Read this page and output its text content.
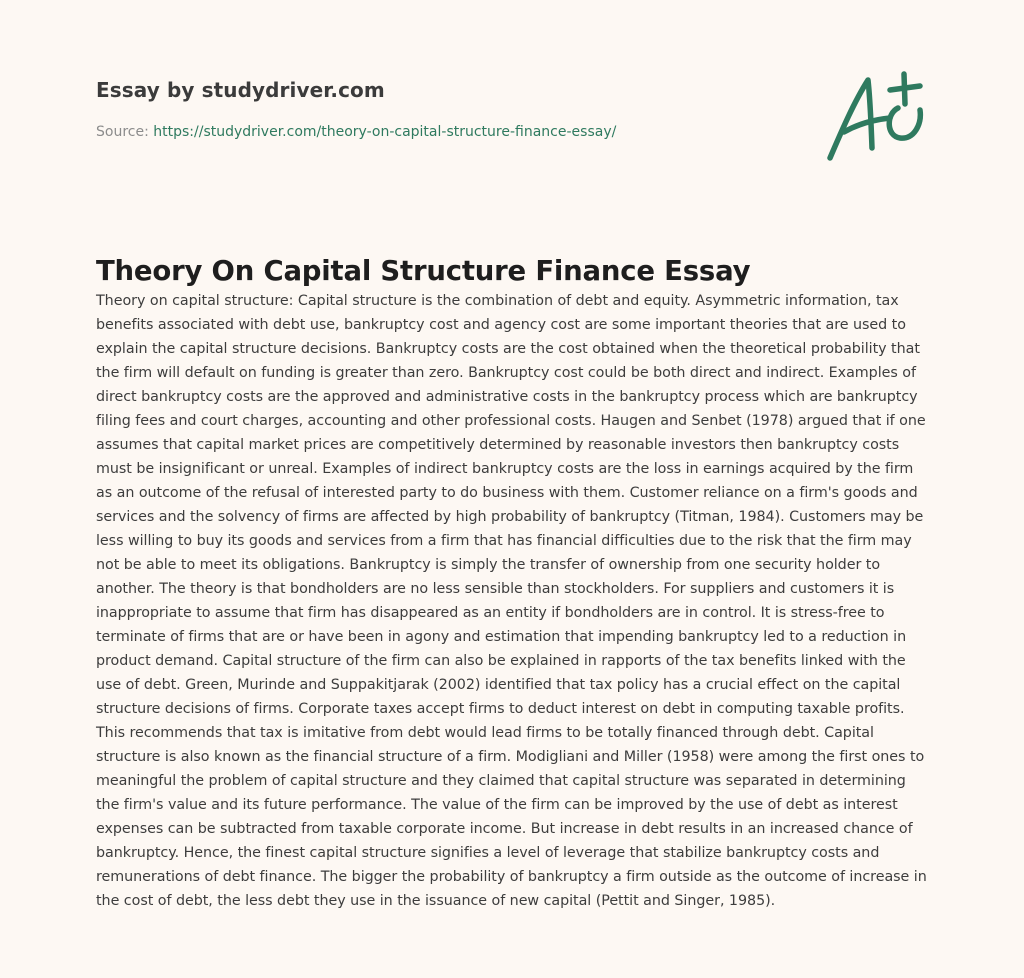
Essay by studydriver.com
Source: https://studydriver.com/theory-on-capital-structure-finance-essay/
Theory On Capital Structure Finance Essay

Theory on capital structure: Capital structure is the combination of debt and equity. Asymmetric information, tax benefits associated with debt use, bankruptcy cost and agency cost are some important theories that are used to explain the capital structure decisions. Bankruptcy costs are the cost obtained when the theoretical probability that the firm will default on funding is greater than zero. Bankruptcy cost could be both direct and indirect. Examples of direct bankruptcy costs are the approved and administrative costs in the bankruptcy process which are bankruptcy filing fees and court charges, accounting and other professional costs. Haugen and Senbet (1978) argued that if one assumes that capital market prices are competitively determined by reasonable investors then bankruptcy costs must be insignificant or unreal. Examples of indirect bankruptcy costs are the loss in earnings acquired by the firm as an outcome of the refusal of interested party to do business with them. Customer reliance on a firm's goods and services and the solvency of firms are affected by high probability of bankruptcy (Titman, 1984). Customers may be less willing to buy its goods and services from a firm that has financial difficulties due to the risk that the firm may not be able to meet its obligations. Bankruptcy is simply the transfer of ownership from one security holder to another. The theory is that bondholders are no less sensible than stockholders. For suppliers and customers it is inappropriate to assume that firm has disappeared as an entity if bondholders are in control. It is stress-free to terminate of firms that are or have been in agony and estimation that impending bankruptcy led to a reduction in product demand. Capital structure of the firm can also be explained in rapports of the tax benefits linked with the use of debt. Green, Murinde and Suppakitjarak (2002) identified that tax policy has a crucial effect on the capital structure decisions of firms. Corporate taxes accept firms to deduct interest on debt in computing taxable profits. This recommends that tax is imitative from debt would lead firms to be totally financed through debt. Capital structure is also known as the financial structure of a firm. Modigliani and Miller (1958) were among the first ones to meaningful the problem of capital structure and they claimed that capital structure was separated in determining the firm's value and its future performance. The value of the firm can be improved by the use of debt as interest expenses can be subtracted from taxable corporate income. But increase in debt results in an increased chance of bankruptcy. Hence, the finest capital structure signifies a level of leverage that stabilize bankruptcy costs and remunerations of debt finance. The bigger the probability of bankruptcy a firm outside as the outcome of increase in the cost of debt, the less debt they use in the issuance of new capital (Pettit and Singer, 1985).
